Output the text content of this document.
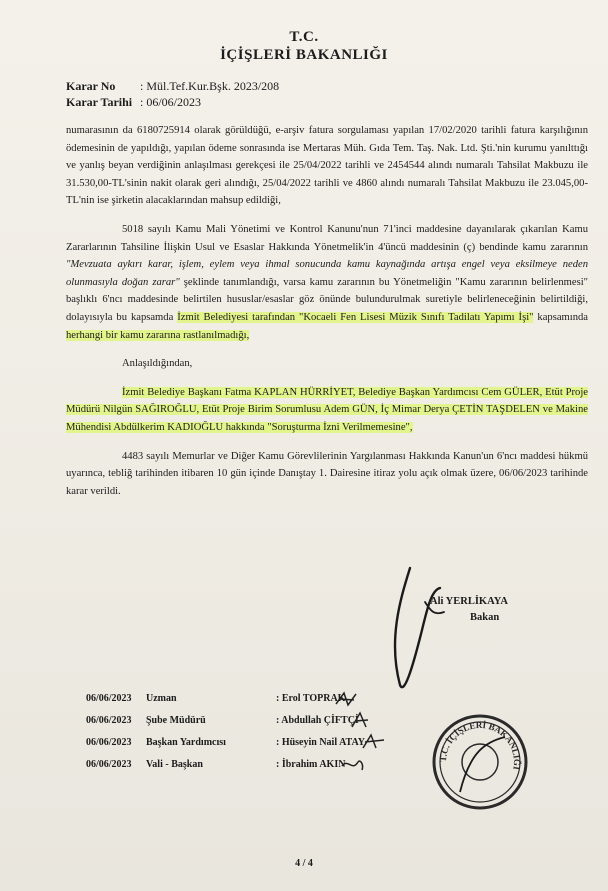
T.C.
İÇİŞLERİ BAKANLIĞI
Karar No	: Mül.Tef.Kur.Bşk. 2023/208
Karar Tarihi : 06/06/2023

numarasının da 6180725914 olarak görüldüğü, e-arşiv fatura sorgulaması yapılan 17/02/2020 tarihli fatura karşılığının ödemesinin de yapıldığı, yapılan ödeme sonrasında ise Mertaras Müh. Gıda Tem. Taş. Nak. Ltd. Şti.'nin kurumu yanılttığı ve yanlış beyan verdiğinin anlaşılması gerekçesi ile 25/04/2022 tarihli ve 2454544 alındı numaralı Tahsilat Makbuzu ile 31.530,00-TL'sinin nakit olarak geri alındığı, 25/04/2022 tarihli ve 4860 alındı numaralı Tahsilat Makbuzu ile 23.045,00-TL'nin ise şirketin alacaklarından mahsup edildiği,

5018 sayılı Kamu Mali Yönetimi ve Kontrol Kanunu'nun 71'inci maddesine dayanılarak çıkarılan Kamu Zararlarının Tahsiline İlişkin Usul ve Esaslar Hakkında Yönetmelik'in 4'üncü maddesinin (ç) bendinde kamu zararının "Mevzuata aykırı karar, işlem, eylem veya ihmal sonucunda kamu kaynağında artışa engel veya eksilmeye neden olunmasıyla doğan zarar" şeklinde tanımlandığı, varsa kamu zararının bu Yönetmeliğin "Kamu zararının belirlenmesi" başlıklı 6'ncı maddesinde belirtilen hususlar/esaslar göz önünde bulundurulmak suretiyle belirleneceğinin belirtildiği, dolayısıyla bu kapsamda İzmit Belediyesi tarafından "Kocaeli Fen Lisesi Müzik Sınıfı Tadilatı Yapımı İşi" kapsamında herhangi bir kamu zararına rastlanılmadığı,

Anlaşıldığından,

İzmit Belediye Başkanı Fatma KAPLAN HÜRRİYET, Belediye Başkan Yardımcısı Cem GÜLER, Etüt Proje Müdürü Nilgün SAĞIROĞLU, Etüt Proje Birim Sorumlusu Adem GÜN, İç Mimar Derya ÇETİN TAŞDELEN ve Makine Mühendisi Abdülkerim KADIOĞLU hakkında "Soruşturma İzni Verilmemesine",

4483 sayılı Memurlar ve Diğer Kamu Görevlilerinin Yargılanması Hakkında Kanun'un 6'ncı maddesi hükmü uyarınca, tebliğ tarihinden itibaren 10 gün içinde Danıştay 1. Dairesine itiraz yolu açık olmak üzere, 06/06/2023 tarihinde karar verildi.

Ali YERLİKAYA
Bakan
06/06/2023	Uzman	: Erol TOPRAK
06/06/2023	Şube Müdürü	: Abdullah ÇİFTÇİ
06/06/2023	Başkan Yardımcısı	: Hüseyin Nail ATAY
06/06/2023	Vali - Başkan	: İbrahim AKIN	T.C. İÇİŞLERİ BAKANLIĞI
4 / 4
